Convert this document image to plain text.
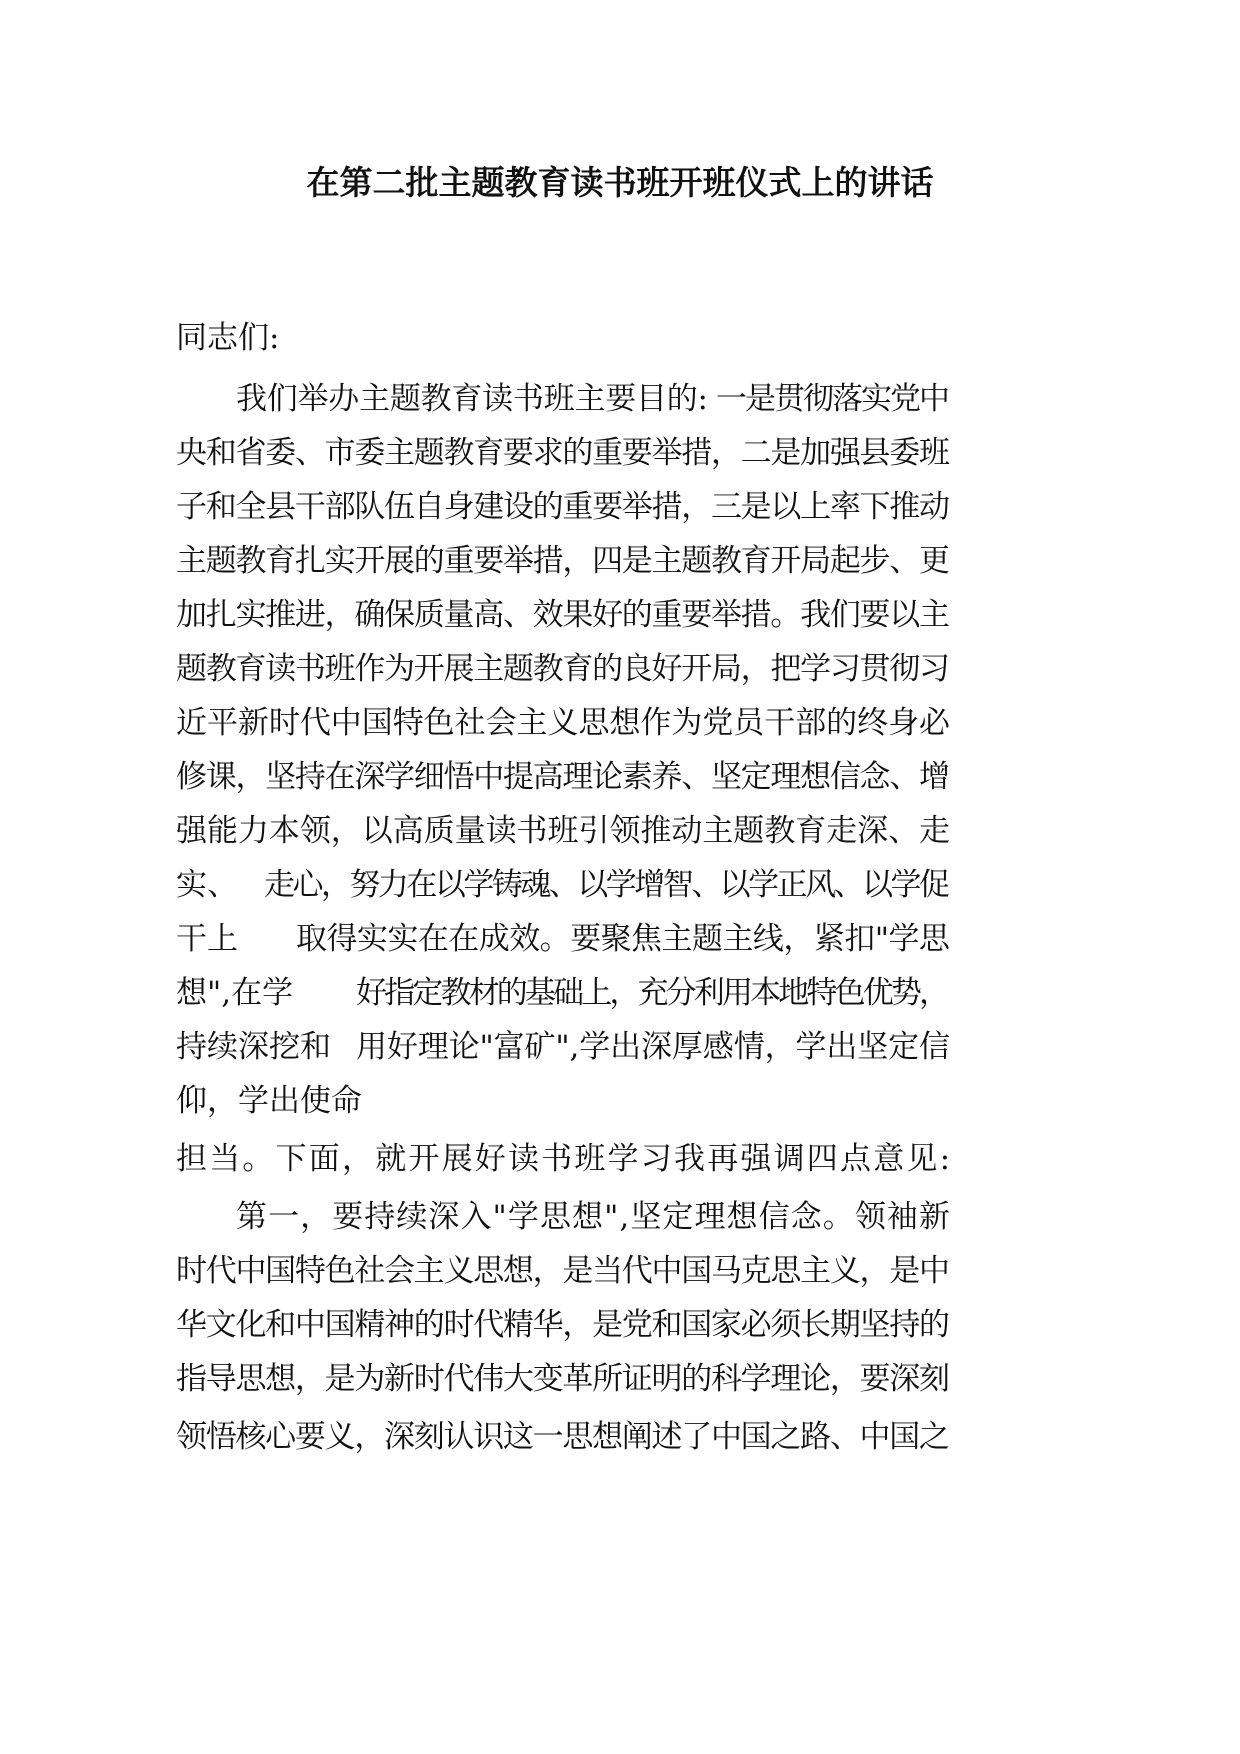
在第二批主题教育读书班开班仪式上的讲话
同志们:
我们举办主题教育读书班主要目的: 一是贯彻落实党中
央和省委、市委主题教育要求的重要举措，二是加强县委班
子和全县干部队伍自身建设的重要举措，三是以上率下推动
主题教育扎实开展的重要举措，四是主题教育开局起步、更
加扎实推进，确保质量高、效果好的重要举措。我们要以主
题教育读书班作为开展主题教育的良好开局，把学习贯彻习
近平新时代中国特色社会主义思想作为党员干部的终身必
修课，坚持在深学细悟中提高理论素养、坚定理想信念、增
强能力本领，以高质量读书班引领推动主题教育走深、走
实、 走心，努力在以学铸魂、以学增智、以学正风、以学促
干上 取得实实在在成效。要聚焦主题主线，紧扣"学思
想",在学 好指定教材的基础上，充分利用本地特色优势，
持续深挖和 用好理论"富矿",学出深厚感情，学出坚定信
仰，学出使命
担当。下面，就开展好读书班学习我再强调四点意见:
第一，要持续深入"学思想",坚定理想信念。领袖新
时代中国特色社会主义思想，是当代中国马克思主义，是中
华文化和中国精神的时代精华，是党和国家必须长期坚持的
指导思想，是为新时代伟大变革所证明的科学理论，要深刻
领悟核心要义，深刻认识这一思想阐述了中国之路、中国之
